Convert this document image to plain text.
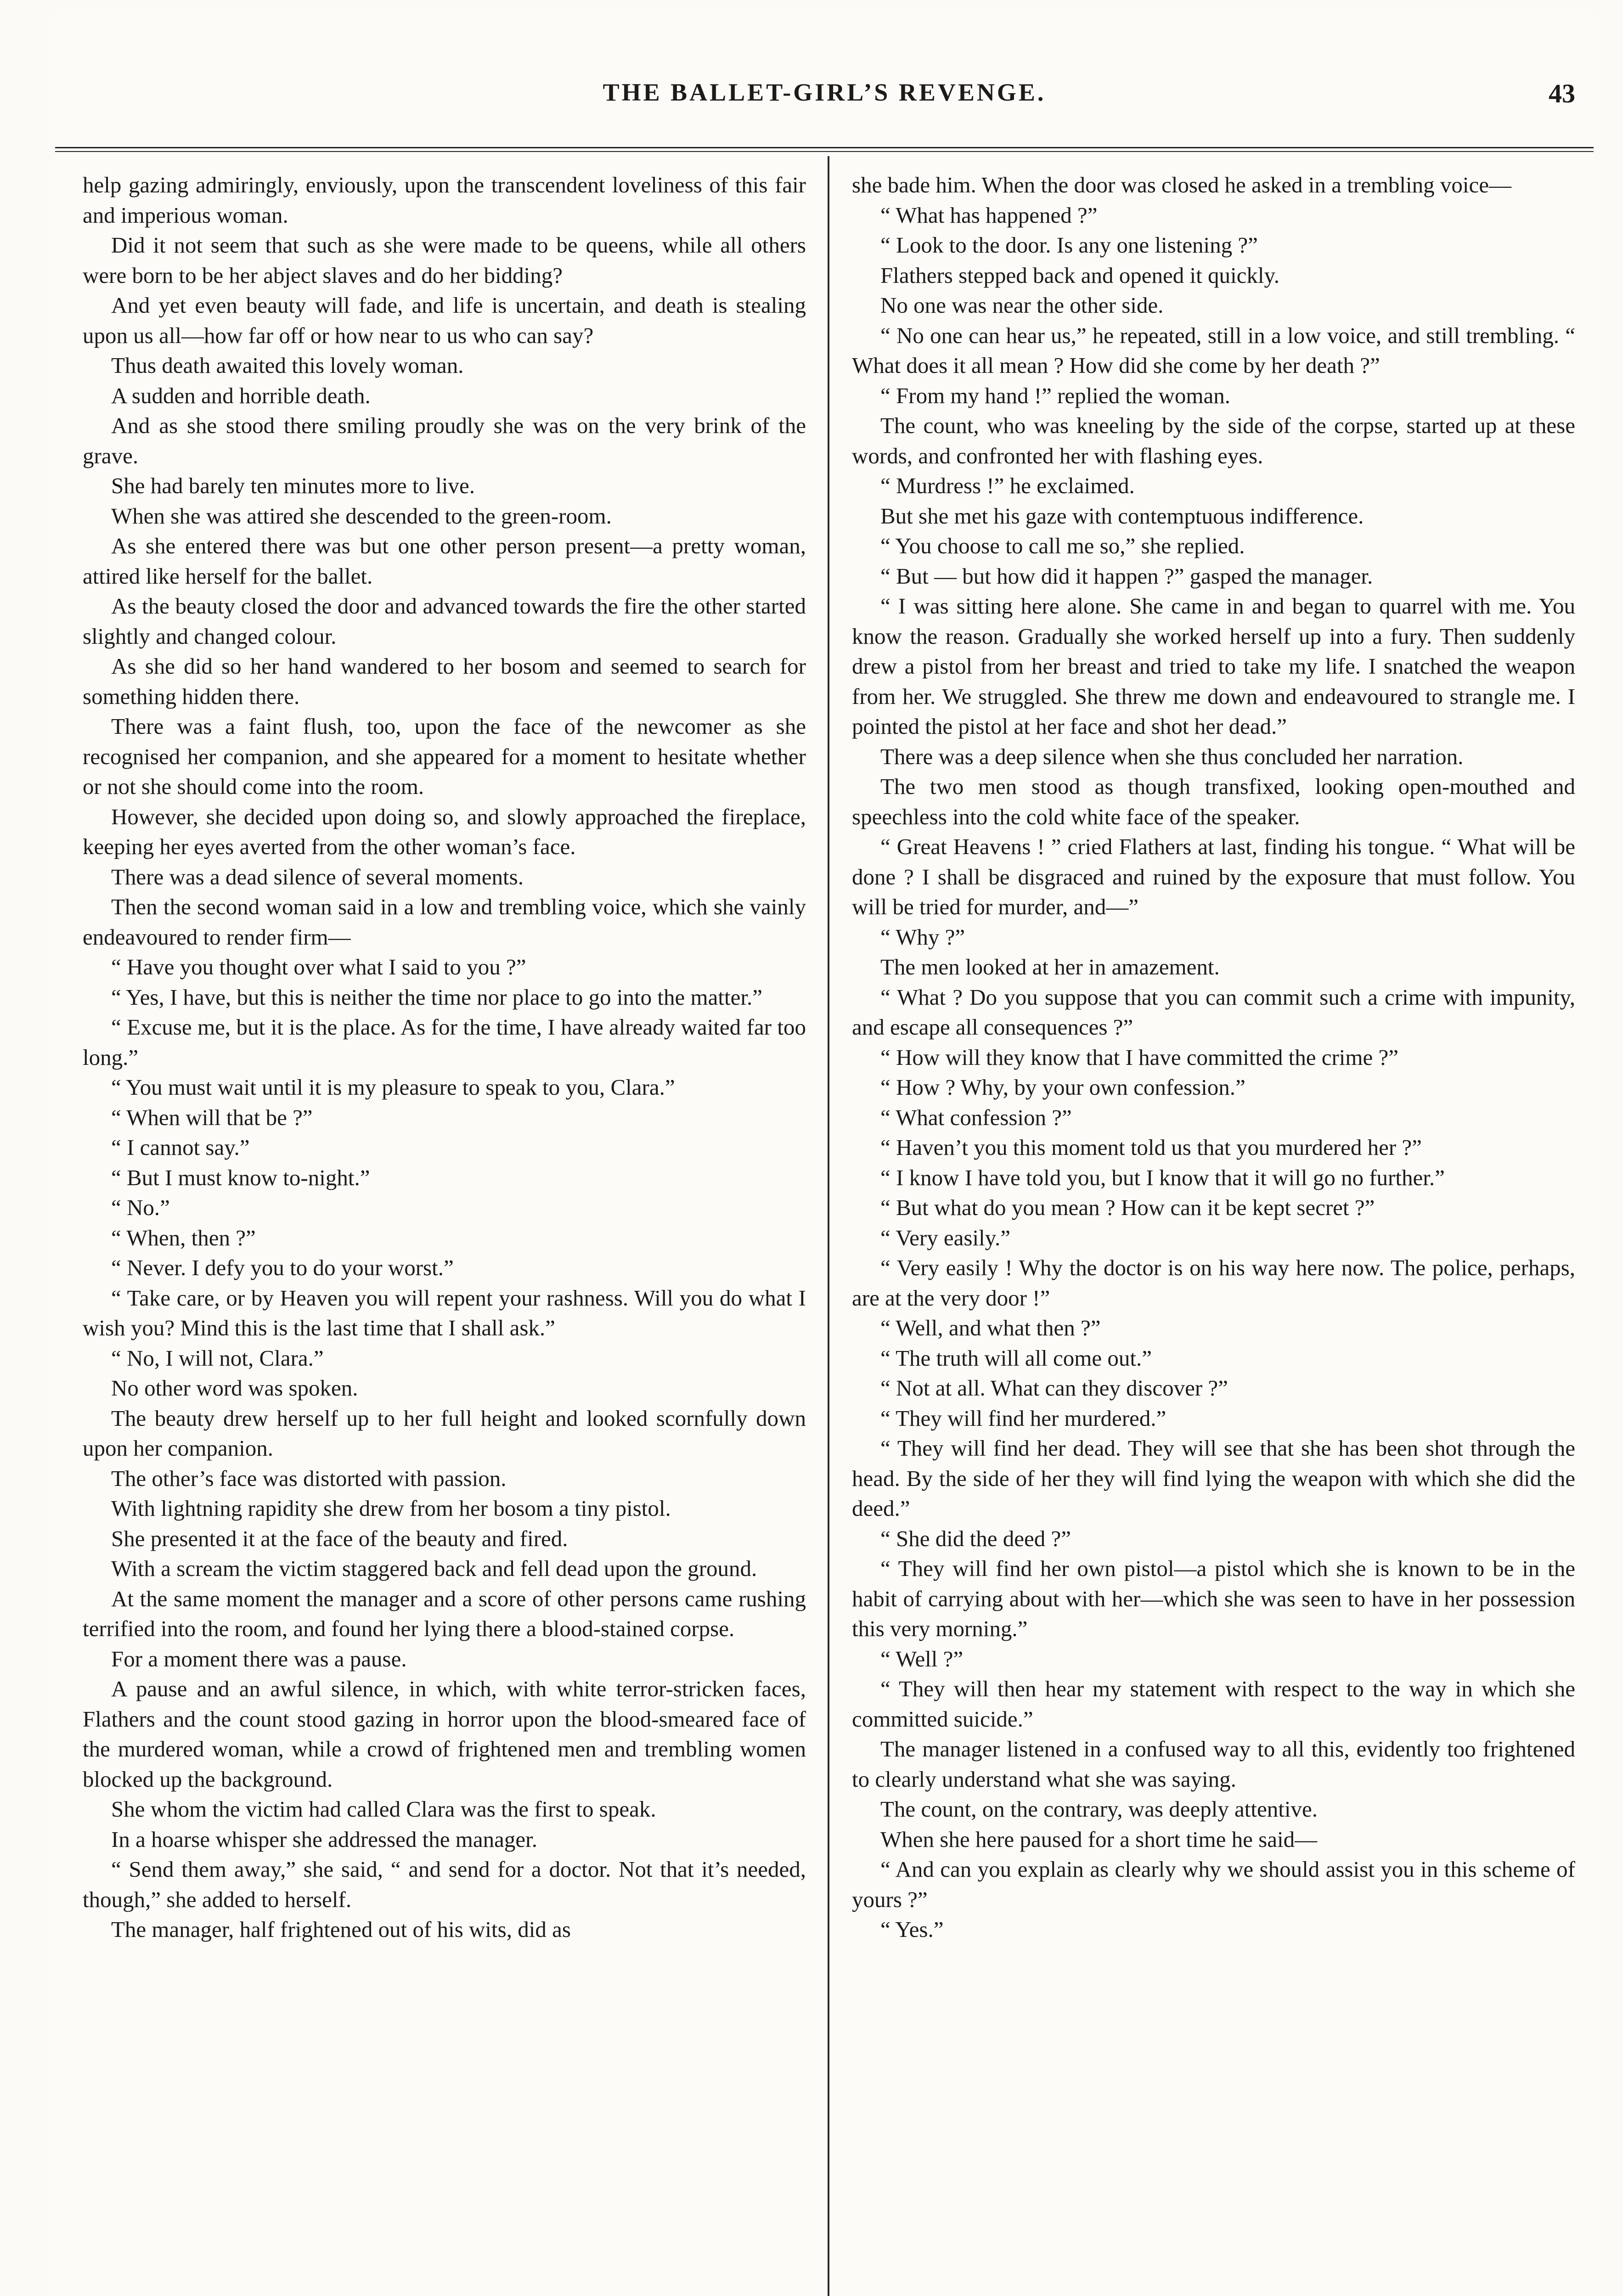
THE BALLET-GIRL’S REVENGE.	43

help gazing admiringly, enviously, upon the transcendent loveliness of this fair and imperious woman.

Did it not seem that such as she were made to be queens, while all others were born to be her abject slaves and do her bidding?

And yet even beauty will fade, and life is uncertain, and death is stealing upon us all—how far off or how near to us who can say?

Thus death awaited this lovely woman.

A sudden and horrible death.

And as she stood there smiling proudly she was on the very brink of the grave.

She had barely ten minutes more to live.

When she was attired she descended to the green-room.

As she entered there was but one other person present—a pretty woman, attired like herself for the ballet.

As the beauty closed the door and advanced towards the fire the other started slightly and changed colour.

As she did so her hand wandered to her bosom and seemed to search for something hidden there.

There was a faint flush, too, upon the face of the newcomer as she recognised her companion, and she appeared for a moment to hesitate whether or not she should come into the room.

However, she decided upon doing so, and slowly approached the fireplace, keeping her eyes averted from the other woman’s face.

There was a dead silence of several moments.

Then the second woman said in a low and trembling voice, which she vainly endeavoured to render firm—

“ Have you thought over what I said to you ?”

“ Yes, I have, but this is neither the time nor place to go into the matter.”

“ Excuse me, but it is the place. As for the time, I have already waited far too long.”

“ You must wait until it is my pleasure to speak to you, Clara.”

“ When will that be ?”

“ I cannot say.”

“ But I must know to-night.”

“ No.”

“ When, then ?”

“ Never. I defy you to do your worst.”

“ Take care, or by Heaven you will repent your rashness. Will you do what I wish you? Mind this is the last time that I shall ask.”

“ No, I will not, Clara.”

No other word was spoken.

The beauty drew herself up to her full height and looked scornfully down upon her companion.

The other’s face was distorted with passion.

With lightning rapidity she drew from her bosom a tiny pistol.

She presented it at the face of the beauty and fired.

With a scream the victim staggered back and fell dead upon the ground.

At the same moment the manager and a score of other persons came rushing terrified into the room, and found her lying there a blood-stained corpse.

For a moment there was a pause.

A pause and an awful silence, in which, with white terror-stricken faces, Flathers and the count stood gazing in horror upon the blood-smeared face of the murdered woman, while a crowd of frightened men and trembling women blocked up the background.

She whom the victim had called Clara was the first to speak.

In a hoarse whisper she addressed the manager.

“ Send them away,” she said, “ and send for a doctor. Not that it’s needed, though,” she added to herself.

The manager, half frightened out of his wits, did as

she bade him. When the door was closed he asked in a trembling voice—

“ What has happened ?”

“ Look to the door. Is any one listening ?”

Flathers stepped back and opened it quickly.

No one was near the other side.

“ No one can hear us,” he repeated, still in a low voice, and still trembling. “ What does it all mean ? How did she come by her death ?”

“ From my hand !” replied the woman.

The count, who was kneeling by the side of the corpse, started up at these words, and confronted her with flashing eyes.

“ Murdress !” he exclaimed.

But she met his gaze with contemptuous indifference.

“ You choose to call me so,” she replied.

“ But — but how did it happen ?” gasped the manager.

“ I was sitting here alone. She came in and began to quarrel with me. You know the reason. Gradually she worked herself up into a fury. Then suddenly drew a pistol from her breast and tried to take my life. I snatched the weapon from her. We struggled. She threw me down and endeavoured to strangle me. I pointed the pistol at her face and shot her dead.”

There was a deep silence when she thus concluded her narration.

The two men stood as though transfixed, looking open-mouthed and speechless into the cold white face of the speaker.

“ Great Heavens ! ” cried Flathers at last, finding his tongue. “ What will be done ? I shall be disgraced and ruined by the exposure that must follow. You will be tried for murder, and—”

“ Why ?”

The men looked at her in amazement.

“ What ? Do you suppose that you can commit such a crime with impunity, and escape all consequences ?”

“ How will they know that I have committed the crime ?”

“ How ? Why, by your own confession.”

“ What confession ?”

“ Haven’t you this moment told us that you murdered her ?”

“ I know I have told you, but I know that it will go no further.”

“ But what do you mean ? How can it be kept secret ?”

“ Very easily.”

“ Very easily ! Why the doctor is on his way here now. The police, perhaps, are at the very door !”

“ Well, and what then ?”

“ The truth will all come out.”

“ Not at all. What can they discover ?”

“ They will find her murdered.”

“ They will find her dead. They will see that she has been shot through the head. By the side of her they will find lying the weapon with which she did the deed.”

“ She did the deed ?”

“ They will find her own pistol—a pistol which she is known to be in the habit of carrying about with her—which she was seen to have in her possession this very morning.”

“ Well ?”

“ They will then hear my statement with respect to the way in which she committed suicide.”

The manager listened in a confused way to all this, evidently too frightened to clearly understand what she was saying.

The count, on the contrary, was deeply attentive.

When she here paused for a short time he said—

“ And can you explain as clearly why we should assist you in this scheme of yours ?”

“ Yes.”
